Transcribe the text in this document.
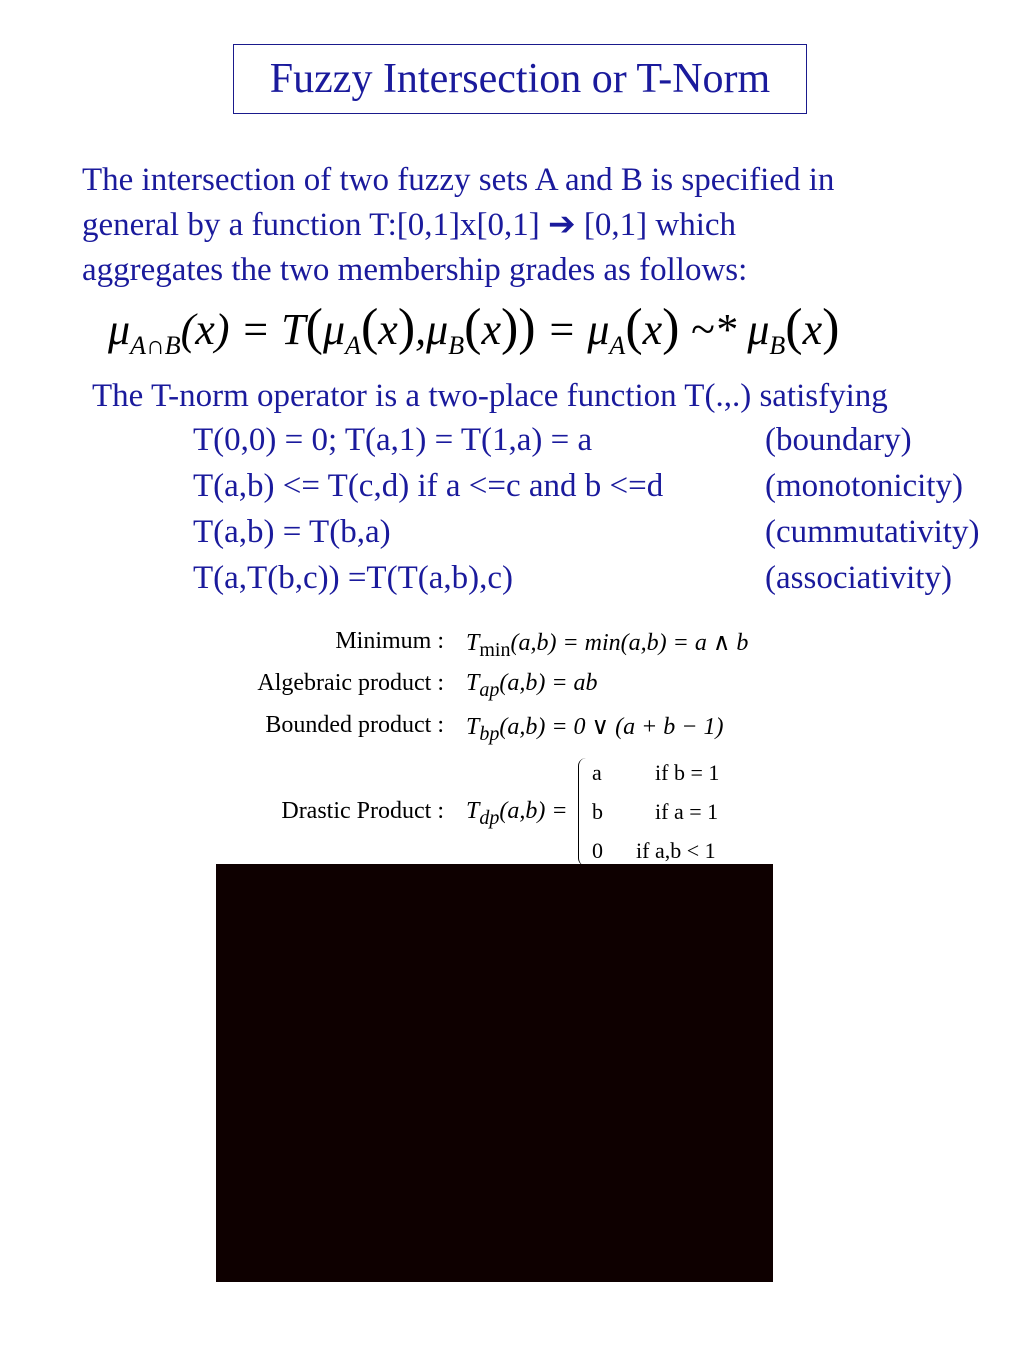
Fuzzy Intersection or T-Norm
The intersection of two fuzzy sets A and B is specified in
general by a function T:[0,1]x[0,1] ➔ [0,1] which
aggregates the two membership grades as follows:
$\mu_{A\cap B}(x) = T(\mu_A(x),\mu_B(x)) = \mu_A(x)$ ~* $\mu_B(x)$
The T-norm operator is a two-place function T(.,.) satisfying
T(0,0) = 0; T(a,1) = T(1,a) = a	(boundary)
T(a,b) <= T(c,d) if a <=c and b <=d	(monotonicity)
T(a,b) = T(b,a)	(cummutativity)
T(a,T(b,c)) =T(T(a,b),c)	(associativity)
Minimum : $T_{min}(a,b) = \min(a,b) = a$ ∧ b
Algebraic product : $T_{ap}(a,b)$ = ab
Bounded product : $T_{bp}(a,b) = 0$ ∨ (a + b − 1)
Drastic Product : $T_{dp}(a,b)$ =
a if b = 1
b if a = 1
0 if a,b < 1
